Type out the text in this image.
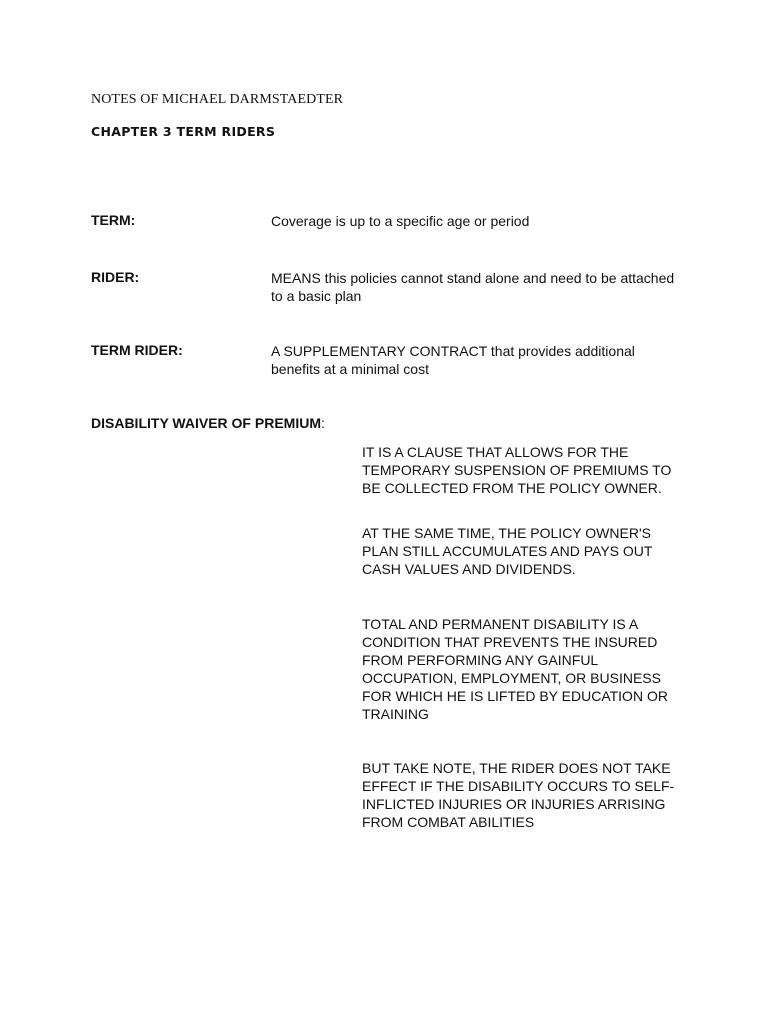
NOTES OF MICHAEL DARMSTAEDTER
CHAPTER 3 TERM RIDERS
TERM:	Coverage is up to a specific age or period
RIDER:	MEANS this policies cannot stand alone and need to be attached
to a basic plan
TERM RIDER:	A SUPPLEMENTARY CONTRACT that provides additional
benefits at a minimal cost
DISABILITY WAIVER OF PREMIUM:
IT IS A CLAUSE THAT ALLOWS FOR THE
TEMPORARY SUSPENSION OF PREMIUMS TO
BE COLLECTED FROM THE POLICY OWNER.
AT THE SAME TIME, THE POLICY OWNER'S
PLAN STILL ACCUMULATES AND PAYS OUT
CASH VALUES AND DIVIDENDS.
TOTAL AND PERMANENT DISABILITY IS A
CONDITION THAT PREVENTS THE INSURED
FROM PERFORMING ANY GAINFUL
OCCUPATION, EMPLOYMENT, OR BUSINESS
FOR WHICH HE IS LIFTED BY EDUCATION OR
TRAINING
BUT TAKE NOTE, THE RIDER DOES NOT TAKE
EFFECT IF THE DISABILITY OCCURS TO SELF-
INFLICTED INJURIES OR INJURIES ARRISING
FROM COMBAT ABILITIES
